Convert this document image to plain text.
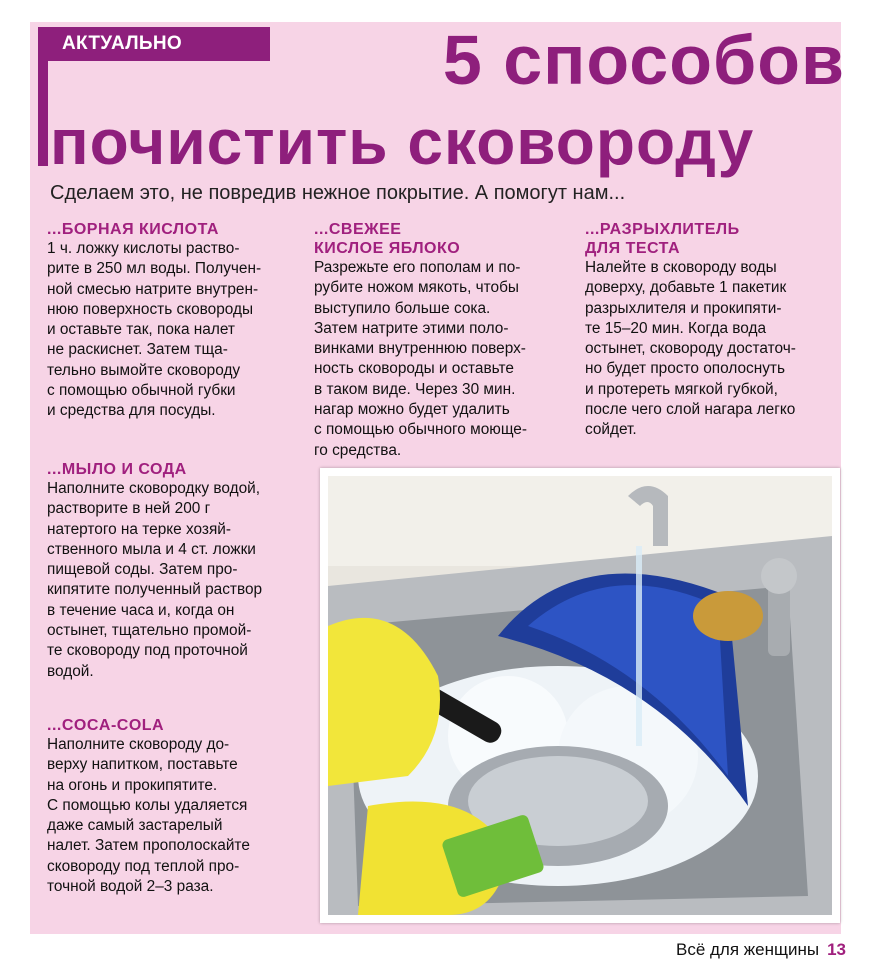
АКТУАЛЬНО	5 способов
почистить сковороду
Сделаем это, не повредив нежное покрытие. А помогут нам...
...БОРНАЯ КИСЛОТА

1 ч. ложку кислоты раство-
рите в 250 мл воды. Получен-
ной смесью натрите внутрен-
нюю поверхность сковороды
и оставьте так, пока налет
не раскиснет. Затем тща-
тельно вымойте сковороду
с помощью обычной губки
и средства для посуды.

...МЫЛО И СОДА

Наполните сковородку водой,
растворите в ней 200 г
натертого на терке хозяй-
ственного мыла и 4 ст. ложки
пищевой соды. Затем про-
кипятите полученный раствор
в течение часа и, когда он
остынет, тщательно промой-
те сковороду под проточной
водой.

...COCA-COLA

Наполните сковороду до-
верху напитком, поставьте
на огонь и прокипятите.
С помощью колы удаляется
даже самый застарелый
налет. Затем прополоскайте
сковороду под теплой про-
точной водой 2–3 раза.

...СВЕЖЕЕ
КИСЛОЕ ЯБЛОКО

Разрежьте его пополам и по-
рубите ножом мякоть, чтобы
выступило больше сока.
Затем натрите этими поло-
винками внутреннюю поверх-
ность сковороды и оставьте
в таком виде. Через 30 мин.
нагар можно будет удалить
с помощью обычного моюще-
го средства.

...РАЗРЫХЛИТЕЛЬ
ДЛЯ ТЕСТА

Налейте в сковороду воды
доверху, добавьте 1 пакетик
разрыхлителя и прокипяти-
те 15–20 мин. Когда вода
остынет, сковороду достаточ-
но будет просто ополоснуть
и протереть мягкой губкой,
после чего слой нагара легко
сойдет.

Всё для женщины 13
